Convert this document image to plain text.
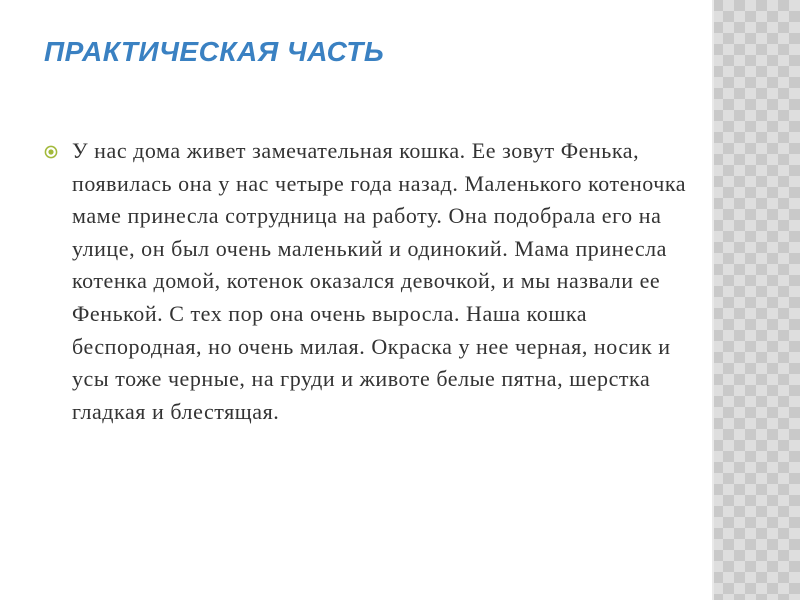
ПРАКТИЧЕСКАЯ ЧАСТЬ

У нас дома живет замечательная кошка. Ее зовут Фенька, появилась она у нас четыре года назад. Маленького котеночка маме принесла сотрудница на работу. Она подобрала его на улице, он был очень маленький и одинокий. Мама принесла котенка домой, котенок оказался девочкой, и мы назвали ее Фенькой. С тех пор она очень выросла. Наша кошка беспородная, но очень милая. Окраска у нее черная, носик и усы тоже черные, на груди и животе белые пятна, шерстка гладкая и блестящая.
